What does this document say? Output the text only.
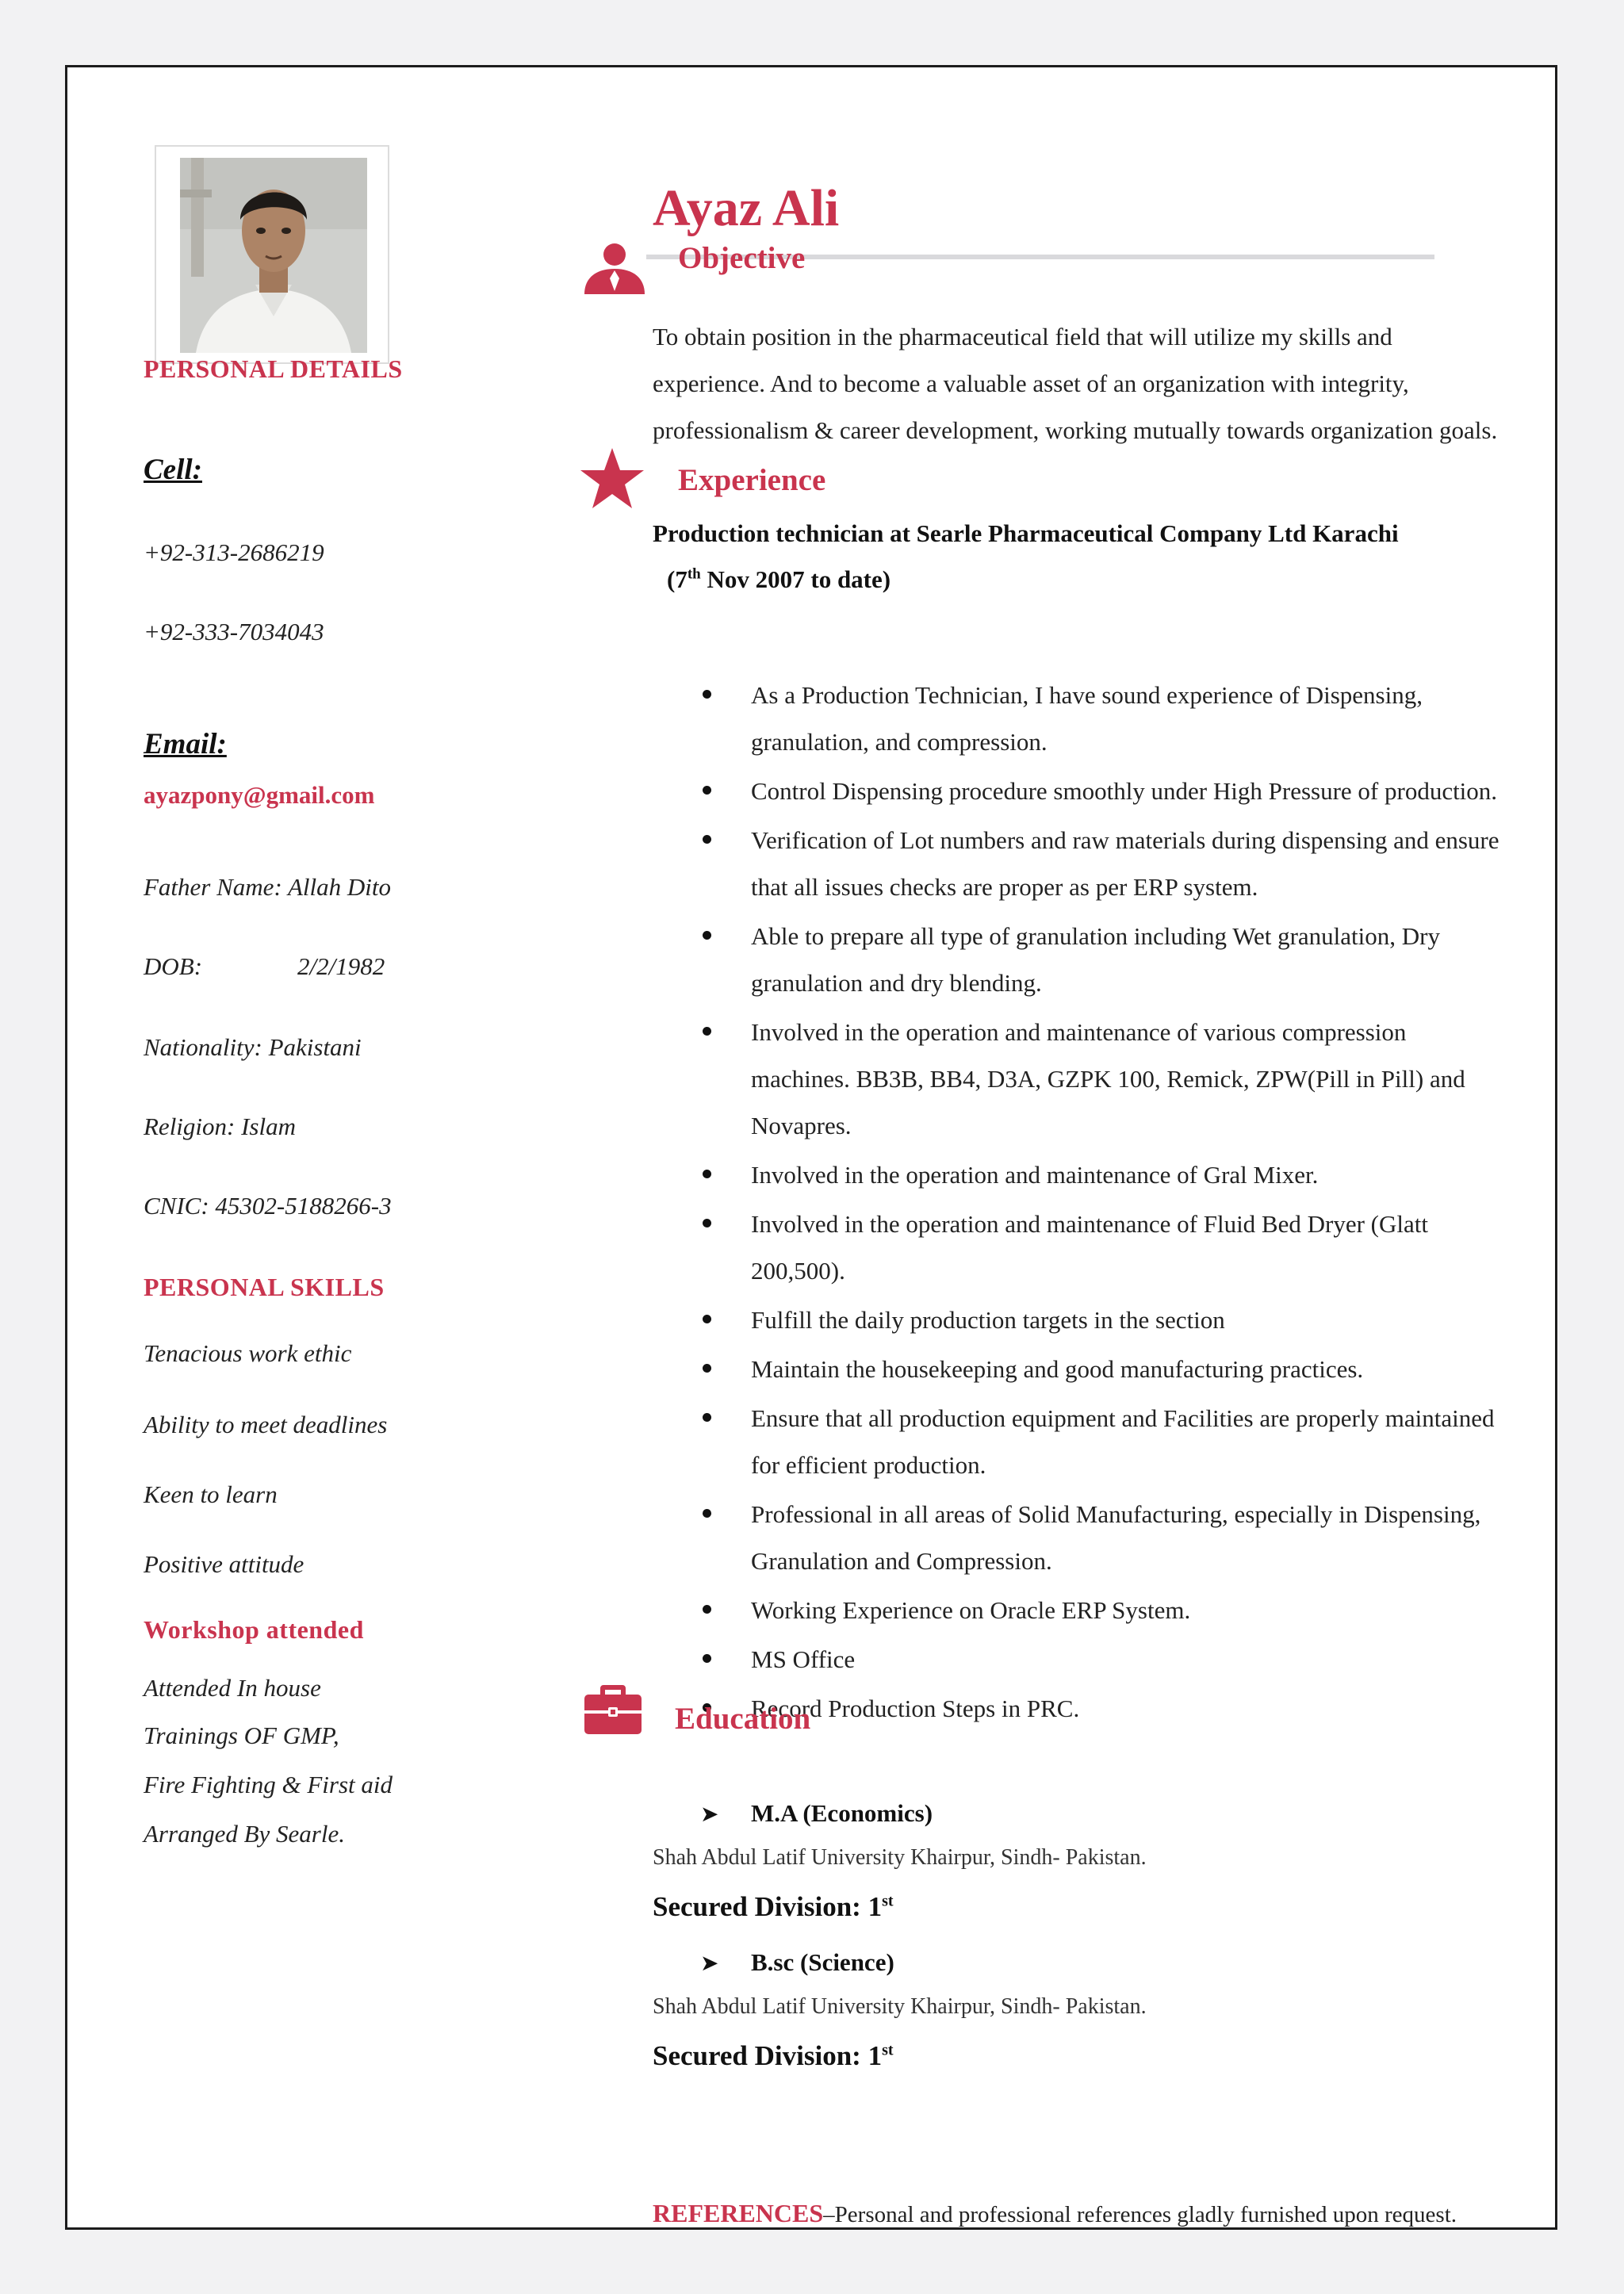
PERSONAL DETAILS
Cell:
+92-313-2686219
+92-333-7034043
Email:
ayazpony@gmail.com
Father Name: Allah Dito
DOB:	2/2/1982
Nationality: Pakistani
Religion: Islam
CNIC: 45302-5188266-3
PERSONAL SKILLS
Tenacious work ethic
Ability to meet deadlines
Keen to learn
Positive attitude
Workshop attended
Attended In house
Trainings OF GMP,
Fire Fighting & First aid
Arranged By Searle.
Ayaz Ali
Objective
To obtain position in the pharmaceutical field that will utilize my skills and
experience. And to become a valuable asset of an organization with integrity,
professionalism & career development, working mutually towards organization goals.
Experience
Production technician at Searle Pharmaceutical Company Ltd Karachi
(7th Nov 2007 to date)
As a Production Technician, I have sound experience of Dispensing,
granulation, and compression.
Control Dispensing procedure smoothly under High Pressure of production.
Verification of Lot numbers and raw materials during dispensing and ensure
that all issues checks are proper as per ERP system.
Able to prepare all type of granulation including Wet granulation, Dry
granulation and dry blending.
Involved in the operation and maintenance of various compression
machines. BB3B, BB4, D3A, GZPK 100, Remick, ZPW(Pill in Pill) and
Novapres.
Involved in the operation and maintenance of Gral Mixer.
Involved in the operation and maintenance of Fluid Bed Dryer (Glatt
200,500).
Fulfill the daily production targets in the section
Maintain the housekeeping and good manufacturing practices.
Ensure that all production equipment and Facilities are properly maintained
for efficient production.
Professional in all areas of Solid Manufacturing, especially in Dispensing,
Granulation and Compression.
Working Experience on Oracle ERP System.
MS Office
Record Production Steps in PRC.
Education
➤ M.A (Economics)
Shah Abdul Latif University Khairpur, Sindh- Pakistan.
Secured Division: 1st
➤ B.sc (Science)
Shah Abdul Latif University Khairpur, Sindh- Pakistan.
Secured Division: 1st
REFERENCES–Personal and professional references gladly furnished upon request.
